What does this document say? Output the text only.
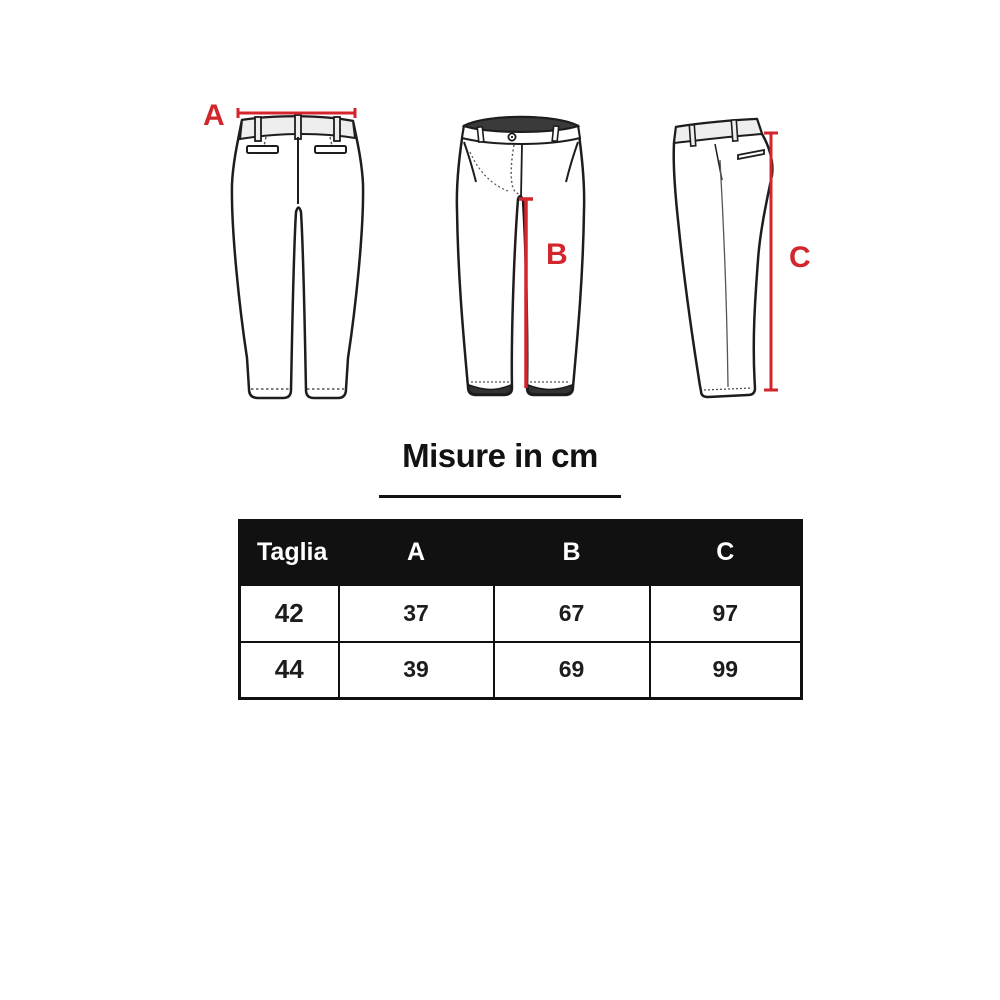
A
B	C
Misure in cm
Taglia	A	B	C
42	37	67	97
44	39	69	99
